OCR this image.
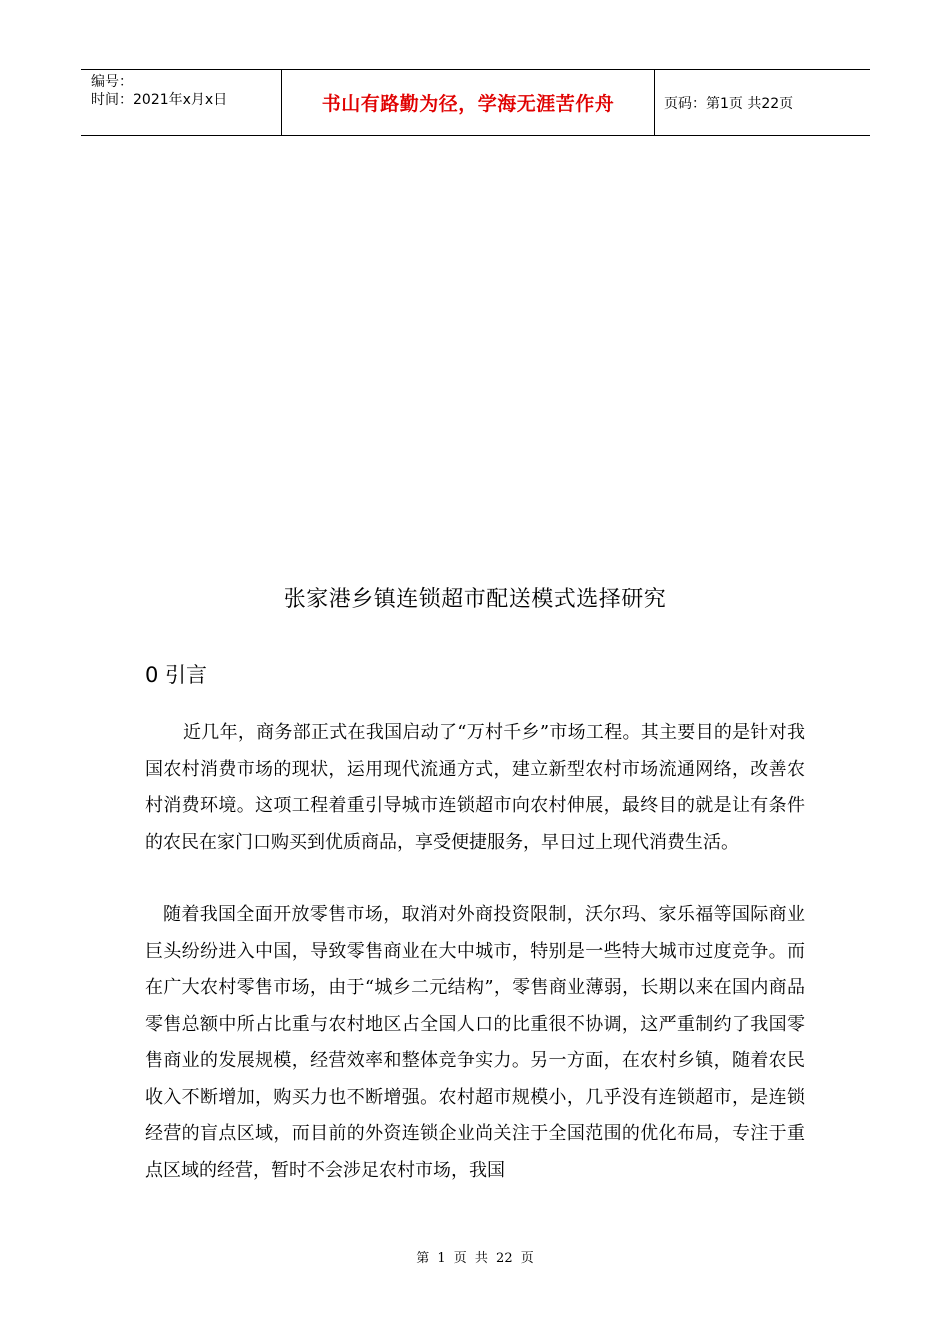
编号：
时间：2021年x月x日	书山有路勤为径，学海无涯苦作舟	页码：第1页 共22页
张家港乡镇连锁超市配送模式选择研究
0 引言

近几年，商务部正式在我国启动了“万村千乡”市场工程。其主要目的是针对我国农村消费市场的现状，运用现代流通方式，建立新型农村市场流通网络，改善农村消费环境。这项工程着重引导城市连锁超市向农村伸展，最终目的就是让有条件的农民在家门口购买到优质商品，享受便捷服务，早日过上现代消费生活。

随着我国全面开放零售市场，取消对外商投资限制，沃尔玛、家乐福等国际商业巨头纷纷进入中国，导致零售商业在大中城市，特别是一些特大城市过度竞争。而在广大农村零售市场，由于“城乡二元结构”，零售商业薄弱，长期以来在国内商品零售总额中所占比重与农村地区占全国人口的比重很不协调，这严重制约了我国零售商业的发展规模，经营效率和整体竞争实力。另一方面，在农村乡镇，随着农民收入不断增加，购买力也不断增强。农村超市规模小，几乎没有连锁超市，是连锁经营的盲点区域，而目前的外资连锁企业尚关注于全国范围的优化布局，专注于重点区域的经营，暂时不会涉足农村市场，我国

第 1 页 共 22 页
